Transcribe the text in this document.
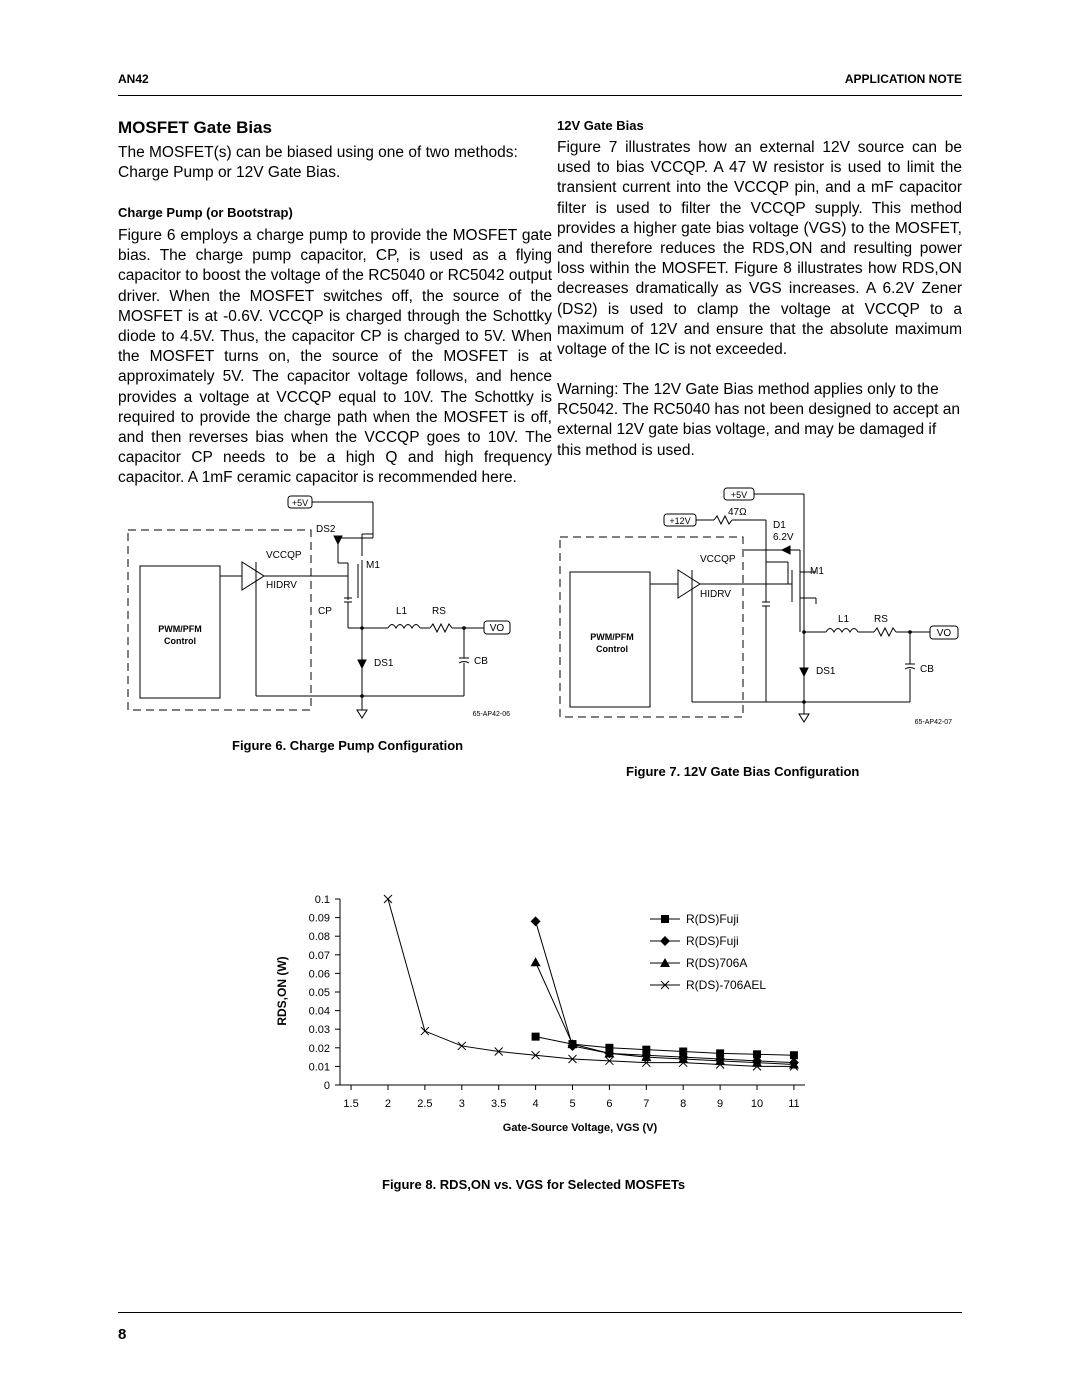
AN42	APPLICATION NOTE
MOSFET Gate Bias

The MOSFET(s) can be biased using one of two methods: Charge Pump or 12V Gate Bias.

Charge Pump (or Bootstrap)

Figure 6 employs a charge pump to provide the MOSFET gate bias. The charge pump capacitor, CP, is used as a flying capacitor to boost the voltage of the RC5040 or RC5042 output driver. When the MOSFET switches off, the source of the MOSFET is at -0.6V. VCCQP is charged through the Schottky diode to 4.5V. Thus, the capacitor CP is charged to 5V. When the MOSFET turns on, the source of the MOSFET is at approximately 5V. The capacitor voltage follows, and hence provides a voltage at VCCQP equal to 10V. The Schottky is required to provide the charge path when the MOSFET is off, and then reverses bias when the VCCQP goes to 10V. The capacitor CP needs to be a high Q and high frequency capacitor. A 1mF ceramic capacitor is recommended here.

12V Gate Bias

Figure 7 illustrates how an external 12V source can be used to bias VCCQP. A 47 W resistor is used to limit the transient current into the VCCQP pin, and a mF capacitor filter is used to filter the VCCQP supply. This method provides a higher gate bias voltage (VGS) to the MOSFET, and therefore reduces the RDS,ON and resulting power loss within the MOSFET. Figure 8 illustrates how RDS,ON decreases dramatically as VGS increases. A 6.2V Zener (DS2) is used to clamp the voltage at VCCQP to a maximum of 12V and ensure that the absolute maximum voltage of the IC is not exceeded.

Warning: The 12V Gate Bias method applies only to the RC5042. The RC5040 has not been designed to accept an external 12V gate bias voltage, and may be damaged if this method is used.

+5V
DS2
VCCQP
M1
HIDRV
CP	L1 RS
VO
DS1	CB
PWM/PFM
Control
65-AP42-06
Figure 6. Charge Pump Configuration
+5V
+12V
47Ω
D1
6.2V
VCCQP
M1
HIDRV
L1 RS
VO
DS1	CB
PWM/PFM
Control
65-AP42-07
Figure 7. 12V Gate Bias Configuration
RDS,ON (W)
Gate-Source Voltage, VGS (V)
0
0.01
0.02
0.03
0.04
0.05
0.06
0.07
0.08
0.09
0.1
1.5 2 2.5 3 3.5 4	5	6	7	8	9	10 11
R(DS)Fuji
R(DS)Fuji
R(DS)706A
R(DS)-706AEL
Figure 8. RDS,ON vs. VGS for Selected MOSFETs
8
